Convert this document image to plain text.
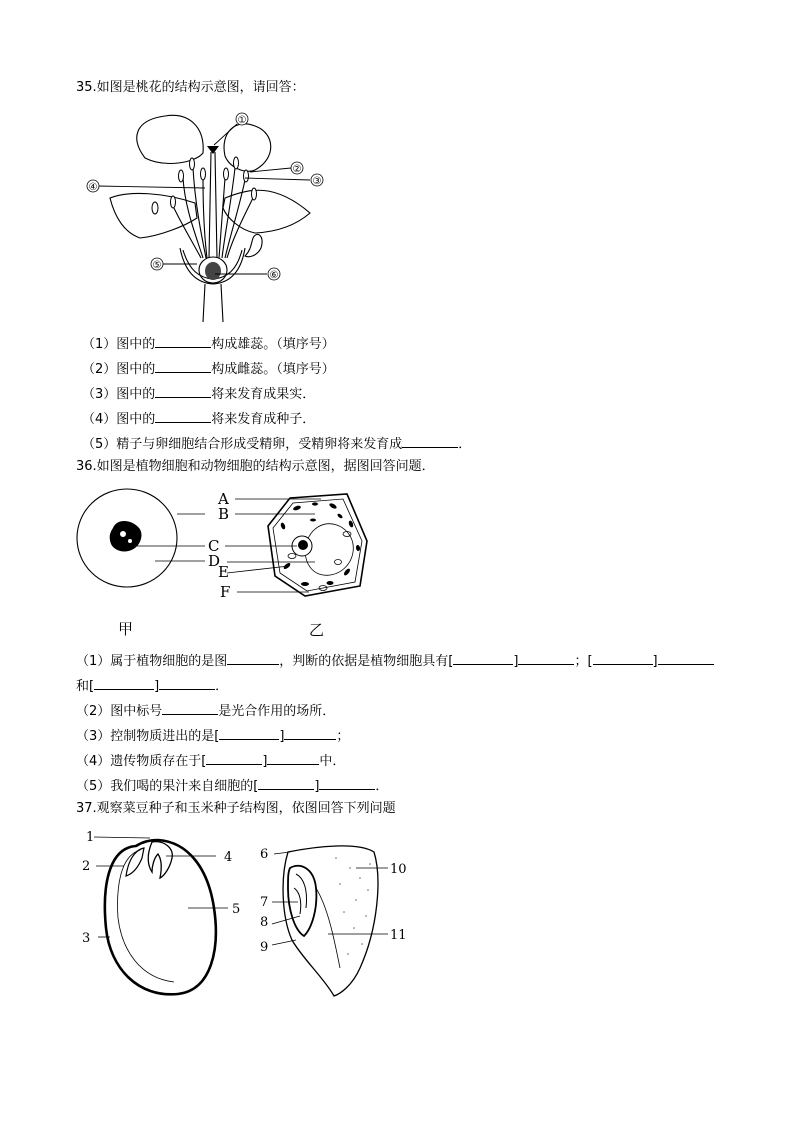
35.如图是桃花的结构示意图，请回答：
①
②
③
④
⑤
⑥
（1）图中的	构成雄蕊。（填序号）
（2）图中的	构成雌蕊。（填序号）
（3）图中的	将来发育成果实．
（4）图中的	将来发育成种子．
（5）精子与卵细胞结合形成受精卵，受精卵将来发育成	．
36.如图是植物细胞和动物细胞的结构示意图，据图回答问题．
A
B
C
D
E
F
甲	乙
（1）属于植物细胞的是图	，判断的依据是植物细胞具有[	]	；[	]
和[	]	．
（2）图中标号	是光合作用的场所．
（3）控制物质进出的是[	]	；
（4）遗传物质存在于[	]	中．
（5）我们喝的果汁来自细胞的[	]	．
37.观察菜豆种子和玉米种子结构图，依图回答下列问题
1
2
3
4
5
6
7
8
9
10
11
